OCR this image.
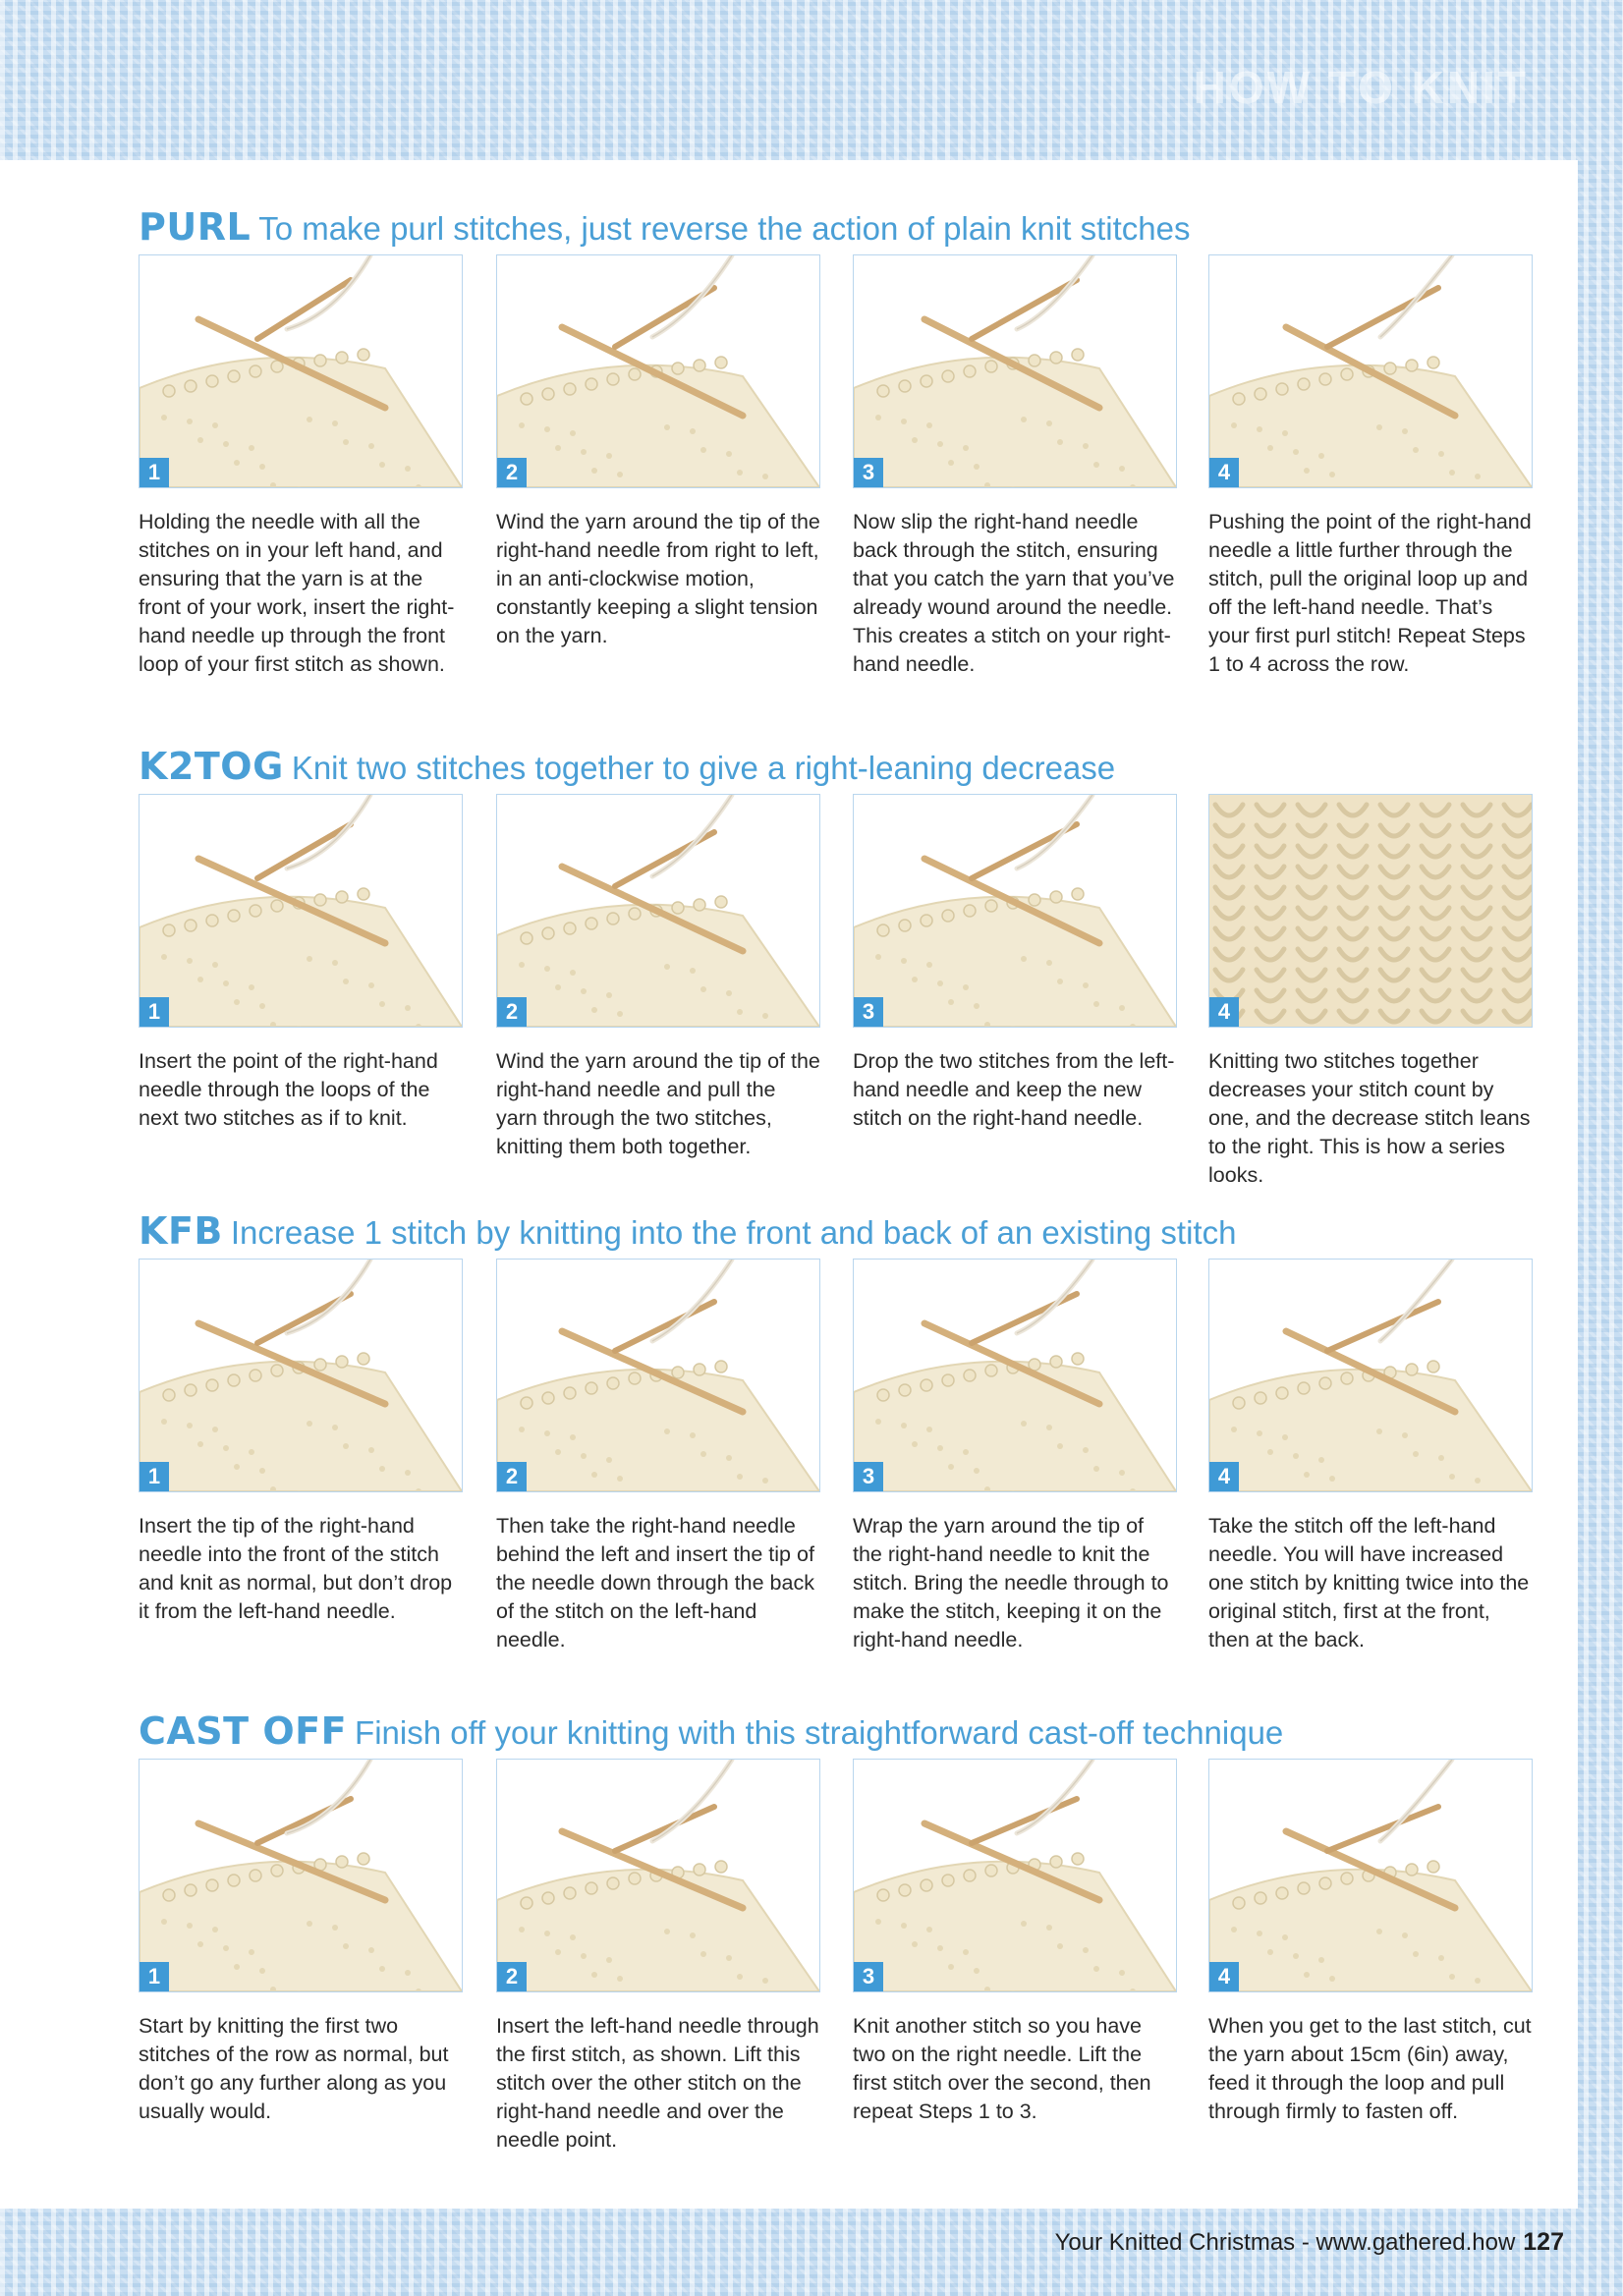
HOW TO KNIT
PURL To make purl stitches, just reverse the action of plain knit stitches
1
Holding the needle with all the stitches on in your left hand, and ensuring that the yarn is at the front of your work, insert the right-hand needle up through the front loop of your first stitch as shown.
2
Wind the yarn around the tip of the right-hand needle from right to left, in an anti-clockwise motion, constantly keeping a slight tension on the yarn.
3
Now slip the right-hand needle back through the stitch, ensuring that you catch the yarn that you’ve already wound around the needle. This creates a stitch on your right-hand needle.
4
Pushing the point of the right-hand needle a little further through the stitch, pull the original loop up and off the left-hand needle. That’s your first purl stitch! Repeat Steps 1 to 4 across the row.
K2TOG Knit two stitches together to give a right-leaning decrease
1
Insert the point of the right-hand needle through the loops of the next two stitches as if to knit.
2
Wind the yarn around the tip of the right-hand needle and pull the yarn through the two stitches, knitting them both together.
3
Drop the two stitches from the left-hand needle and keep the new stitch on the right-hand needle.
4
Knitting two stitches together decreases your stitch count by one, and the decrease stitch leans to the right. This is how a series looks.
KFB Increase 1 stitch by knitting into the front and back of an existing stitch
1
Insert the tip of the right-hand needle into the front of the stitch and knit as normal, but don’t drop it from the left-hand needle.
2
Then take the right-hand needle behind the left and insert the tip of the needle down through the back of the stitch on the left-hand needle.
3
Wrap the yarn around the tip of the right-hand needle to knit the stitch. Bring the needle through to make the stitch, keeping it on the right-hand needle.
4
Take the stitch off the left-hand needle. You will have increased one stitch by knitting twice into the original stitch, first at the front, then at the back.
CAST OFF Finish off your knitting with this straightforward cast-off technique
1
Start by knitting the first two stitches of the row as normal, but don’t go any further along as you usually would.
2
Insert the left-hand needle through the first stitch, as shown. Lift this stitch over the other stitch on the right-hand needle and over the needle point.
3
Knit another stitch so you have two on the right needle. Lift the first stitch over the second, then repeat Steps 1 to 3.
4
When you get to the last stitch, cut the yarn about 15cm (6in) away, feed it through the loop and pull through firmly to fasten off.
Your Knitted Christmas - www.gathered.how 127
